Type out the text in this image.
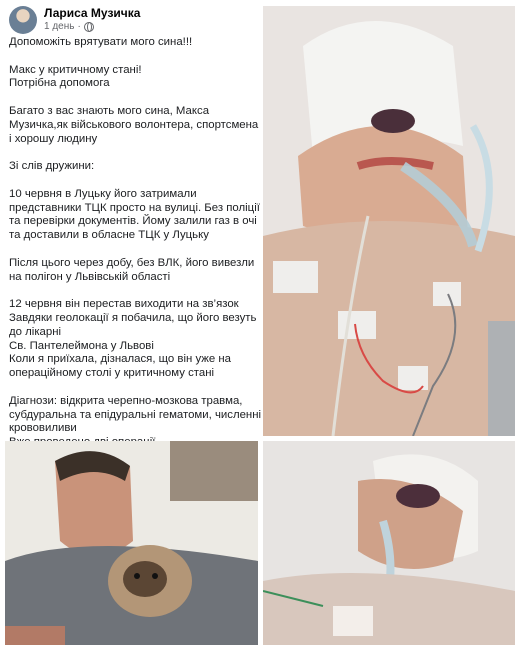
Лариса Музичка
1 день ·
Допоможіть врятувати мого сина!!!
Макс у критичному стані!
Потрібна допомога
Багато з вас знають мого сина, Макса
Музичка,як військового волонтера, спортсмена
і хорошу людину
Зі слів дружини:
10 червня в Луцьку його затримали
представники ТЦК просто на вулиці. Без поліції
та перевірки документів. Йому залили газ в очі
та доставили в обласне ТЦК у Луцьку
Після цього через добу, без ВЛК, його вивезли
на полігон у Львівській області
12 червня він перестав виходити на зв’язок
Завдяки геолокації я побачила, що його везуть
до лікарні
Св. Пантелеймона у Львові
Коли я приїхала, дізналася, що він уже на
операційному столі у критичному стані
Діагнози: відкрита черепно-мозкова травма,
субдуральна та епідуральні гематоми, численні
крововиливи
